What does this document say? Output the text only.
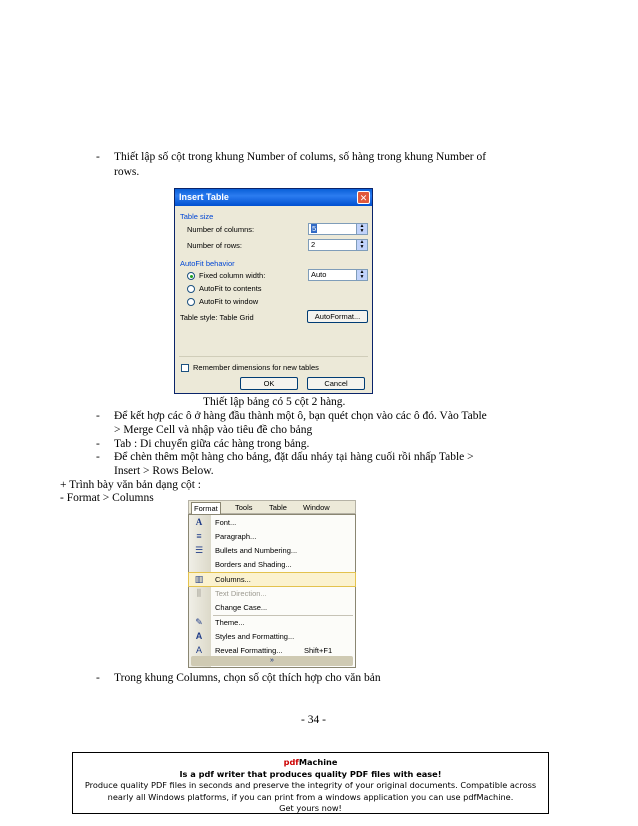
- Thiết lập số cột trong khung Number of colums, số hàng trong khung Number of
rows.
Insert Table	✕
Table size
Number of columns:	5	▲
▼
Number of rows:	2	▲
▼
AutoFit behavior
Fixed column width:	Auto	▲
▼
AutoFit to contents
AutoFit to window
Table style: Table Grid	AutoFormat...
Remember dimensions for new tables
OK	Cancel
Thiết lập bảng có 5 cột 2 hàng.
- Để kết hợp các ô ở hàng đầu thành một ô, bạn quét chọn vào các ô đó. Vào Table
> Merge Cell và nhập vào tiêu đề cho bảng
- Tab : Di chuyển giữa các hàng trong bảng.
- Để chèn thêm một hàng cho bảng, đặt dấu nháy tại hàng cuối rồi nhấp Table >
Insert > Rows Below.
+ Trình bày văn bản dạng cột :
- Format > Columns
Format	Tools Table Window
A	Font...
≡	Paragraph...
☰ Bullets and Numbering...
Borders and Shading...
▥ Columns...
⫼	Text Direction...
Change Case...
✎ Theme...
A	Styles and Formatting...
A	Reveal Formatting...	Shift+F1
»
- Trong khung Columns, chọn số cột thích hợp cho văn bản
- 34 -
pdfMachine
Is a pdf writer that produces quality PDF files with ease!
Produce quality PDF files in seconds and preserve the integrity of your original documents. Compatible across
nearly all Windows platforms, if you can print from a windows application you can use pdfMachine.
Get yours now!
